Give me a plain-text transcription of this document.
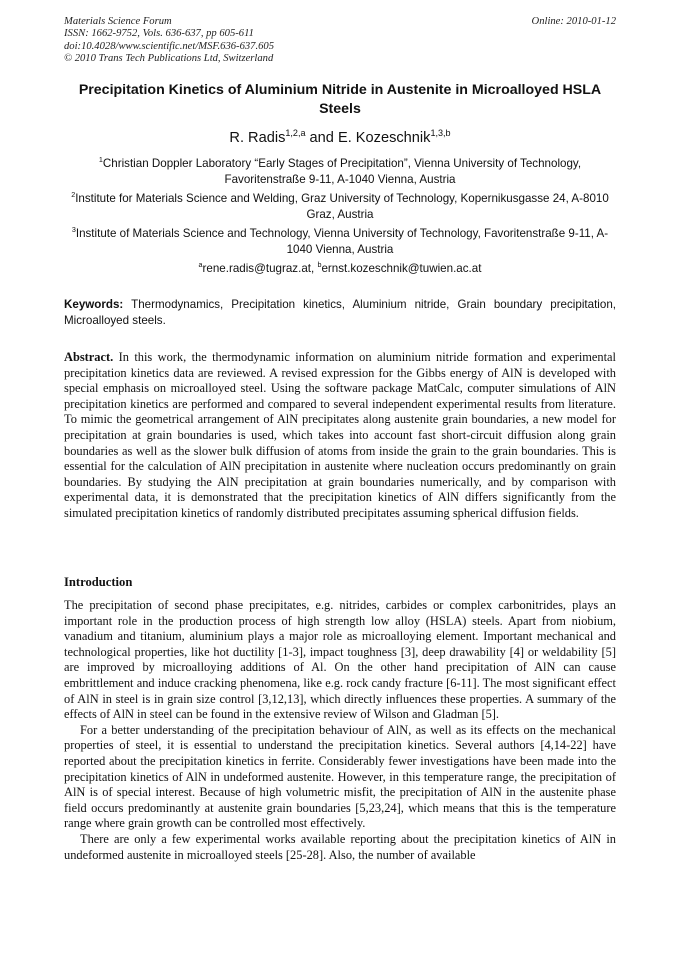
Materials Science Forum
ISSN: 1662-9752, Vols. 636-637, pp 605-611
doi:10.4028/www.scientific.net/MSF.636-637.605
© 2010 Trans Tech Publications Ltd, Switzerland
Online: 2010-01-12
Precipitation Kinetics of Aluminium Nitride in Austenite in Microalloyed HSLA Steels
R. Radis$^{1,2,a}$ and E. Kozeschnik$^{1,3,b}$
$^1$Christian Doppler Laboratory “Early Stages of Precipitation”, Vienna University of Technology, Favoritenstraße 9-11, A-1040 Vienna, Austria
$^2$Institute for Materials Science and Welding, Graz University of Technology, Kopernikusgasse 24, A-8010 Graz, Austria
$^3$Institute of Materials Science and Technology, Vienna University of Technology, Favoritenstraße 9-11, A-1040 Vienna, Austria
$^a$rene.radis@tugraz.at, $^b$ernst.kozeschnik@tuwien.ac.at
Keywords: Thermodynamics, Precipitation kinetics, Aluminium nitride, Grain boundary precipitation, Microalloyed steels.
Abstract. In this work, the thermodynamic information on aluminium nitride formation and experimental precipitation kinetics data are reviewed. A revised expression for the Gibbs energy of AlN is developed with special emphasis on microalloyed steel. Using the software package MatCalc, computer simulations of AlN precipitation kinetics are performed and compared to several independent experimental results from literature. To mimic the geometrical arrangement of AlN precipitates along austenite grain boundaries, a new model for precipitation at grain boundaries is used, which takes into account fast short-circuit diffusion along grain boundaries as well as the slower bulk diffusion of atoms from inside the grain to the grain boundaries. This is essential for the calculation of AlN precipitation in austenite where nucleation occurs predominantly on grain boundaries. By studying the AlN precipitation at grain boundaries numerically, and by comparison with experimental data, it is demonstrated that the precipitation kinetics of AlN differs significantly from the simulated precipitation kinetics of randomly distributed precipitates assuming spherical diffusion fields.
Introduction

The precipitation of second phase precipitates, e.g. nitrides, carbides or complex carbonitrides, plays an important role in the production process of high strength low alloy (HSLA) steels. Apart from niobium, vanadium and titanium, aluminium plays a major role as microalloying element. Important mechanical and technological properties, like hot ductility [1-3], impact toughness [3], deep drawability [4] or weldability [5] are improved by microalloying additions of Al. On the other hand precipitation of AlN can cause embrittlement and induce cracking phenomena, like e.g. rock candy fracture [6-11]. The most significant effect of AlN in steel is in grain size control [3,12,13], which directly influences these properties. A summary of the effects of AlN in steel can be found in the extensive review of Wilson and Gladman [5].

For a better understanding of the precipitation behaviour of AlN, as well as its effects on the mechanical properties of steel, it is essential to understand the precipitation kinetics. Several authors [4,14-22] have reported about the precipitation kinetics in ferrite. Considerably fewer investigations have been made into the precipitation kinetics of AlN in undeformed austenite. However, in this temperature range, the precipitation of AlN is of special interest. Because of high volumetric misfit, the precipitation of AlN in the austenite phase field occurs predominantly at austenite grain boundaries [5,23,24], which means that this is the temperature range where grain growth can be controlled most effectively.

There are only a few experimental works available reporting about the precipitation kinetics of AlN in undeformed austenite in microalloyed steels [25-28]. Also, the number of available
